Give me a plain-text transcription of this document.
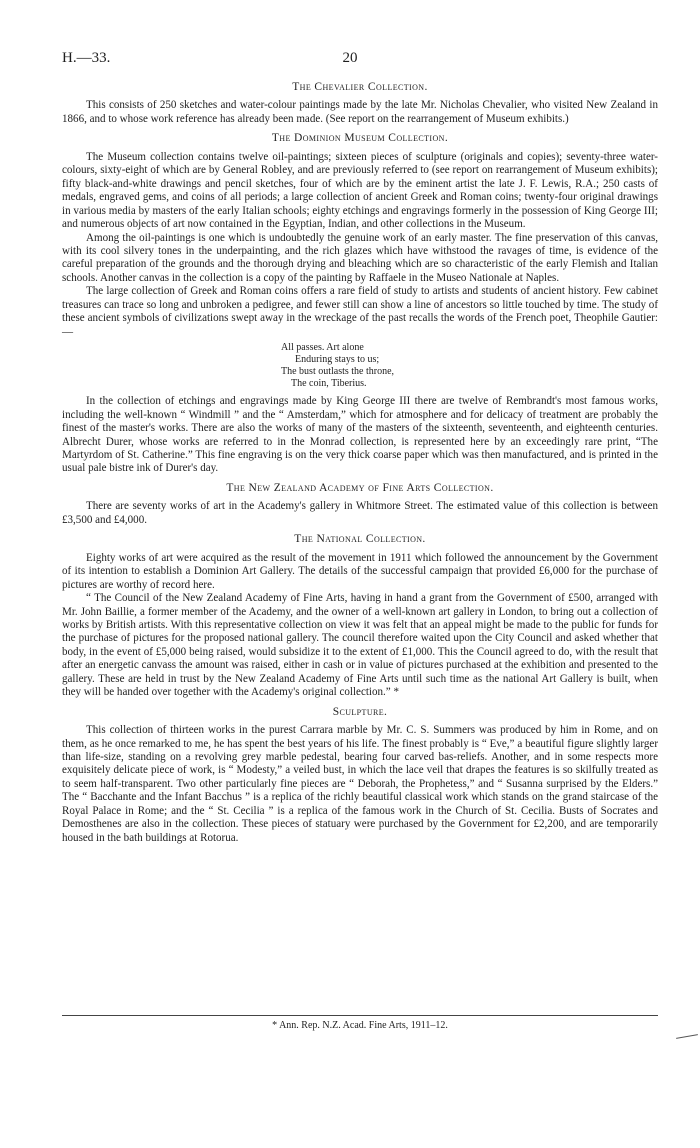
H.—33.	20
The Chevalier Collection.

This consists of 250 sketches and water-colour paintings made by the late Mr. Nicholas Chevalier, who visited New Zealand in 1866, and to whose work reference has already been made. (See report on the rearrangement of Museum exhibits.)

The Dominion Museum Collection.

The Museum collection contains twelve oil-paintings; sixteen pieces of sculpture (originals and copies); seventy-three water-colours, sixty-eight of which are by General Robley, and are previously referred to (see report on rearrangement of Museum exhibits); fifty black-and-white drawings and pencil sketches, four of which are by the eminent artist the late J. F. Lewis, R.A.; 250 casts of medals, engraved gems, and coins of all periods; a large collection of ancient Greek and Roman coins; twenty-four original drawings in various media by masters of the early Italian schools; eighty etchings and engravings formerly in the possession of King George III; and numerous objects of art now contained in the Egyptian, Indian, and other collections in the Museum.

Among the oil-paintings is one which is undoubtedly the genuine work of an early master. The fine preservation of this canvas, with its cool silvery tones in the underpainting, and the rich glazes which have withstood the ravages of time, is evidence of the careful preparation of the grounds and the thorough drying and bleaching which are so characteristic of the early Flemish and Italian schools. Another canvas in the collection is a copy of the painting by Raffaele in the Museo Nationale at Naples.

The large collection of Greek and Roman coins offers a rare field of study to artists and students of ancient history. Few cabinet treasures can trace so long and unbroken a pedigree, and fewer still can show a line of ancestors so little touched by time. The study of these ancient symbols of civilizations swept away in the wreckage of the past recalls the words of the French poet, Theophile Gautier:—

All passes. Art alone
Enduring stays to us;
The bust outlasts the throne,
The coin, Tiberius.

In the collection of etchings and engravings made by King George III there are twelve of Rembrandt's most famous works, including the well-known “ Windmill ” and the “ Amsterdam,” which for atmosphere and for delicacy of treatment are probably the finest of the master's works. There are also the works of many of the masters of the sixteenth, seventeenth, and eighteenth centuries. Albrecht Durer, whose works are referred to in the Monrad collection, is represented here by an exceedingly rare print, “The Martyrdom of St. Catherine.” This fine engraving is on the very thick coarse paper which was then manufactured, and is printed in the usual pale bistre ink of Durer's day.

The New Zealand Academy of Fine Arts Collection.

There are seventy works of art in the Academy's gallery in Whitmore Street. The estimated value of this collection is between £3,500 and £4,000.

The National Collection.

Eighty works of art were acquired as the result of the movement in 1911 which followed the announcement by the Government of its intention to establish a Dominion Art Gallery. The details of the successful campaign that provided £6,000 for the purchase of pictures are worthy of record here.

“ The Council of the New Zealand Academy of Fine Arts, having in hand a grant from the Government of £500, arranged with Mr. John Baillie, a former member of the Academy, and the owner of a well-known art gallery in London, to bring out a collection of works by British artists. With this representative collection on view it was felt that an appeal might be made to the public for funds for the purchase of pictures for the proposed national gallery. The council therefore waited upon the City Council and asked whether that body, in the event of £5,000 being raised, would subsidize it to the extent of £1,000. This the Council agreed to do, with the result that after an energetic canvass the amount was raised, either in cash or in value of pictures purchased at the exhibition and presented to the gallery. These are held in trust by the New Zealand Academy of Fine Arts until such time as the national Art Gallery is built, when they will be handed over together with the Academy's original collection.” *

Sculpture.

This collection of thirteen works in the purest Carrara marble by Mr. C. S. Summers was produced by him in Rome, and on them, as he once remarked to me, he has spent the best years of his life. The finest probably is “ Eve,” a beautiful figure slightly larger than life-size, standing on a revolving grey marble pedestal, bearing four carved bas-reliefs. Another, and in some respects more exquisitely delicate piece of work, is “ Modesty,” a veiled bust, in which the lace veil that drapes the features is so skilfully treated as to seem half-transparent. Two other particularly fine pieces are “ Deborah, the Prophetess,” and “ Susanna surprised by the Elders.” The “ Bacchante and the Infant Bacchus ” is a replica of the richly beautiful classical work which stands on the grand staircase of the Royal Palace in Rome; and the “ St. Cecilia ” is a replica of the famous work in the Church of St. Cecilia. Busts of Socrates and Demosthenes are also in the collection. These pieces of statuary were purchased by the Government for £2,200, and are temporarily housed in the bath buildings at Rotorua.

* Ann. Rep. N.Z. Acad. Fine Arts, 1911–12.
